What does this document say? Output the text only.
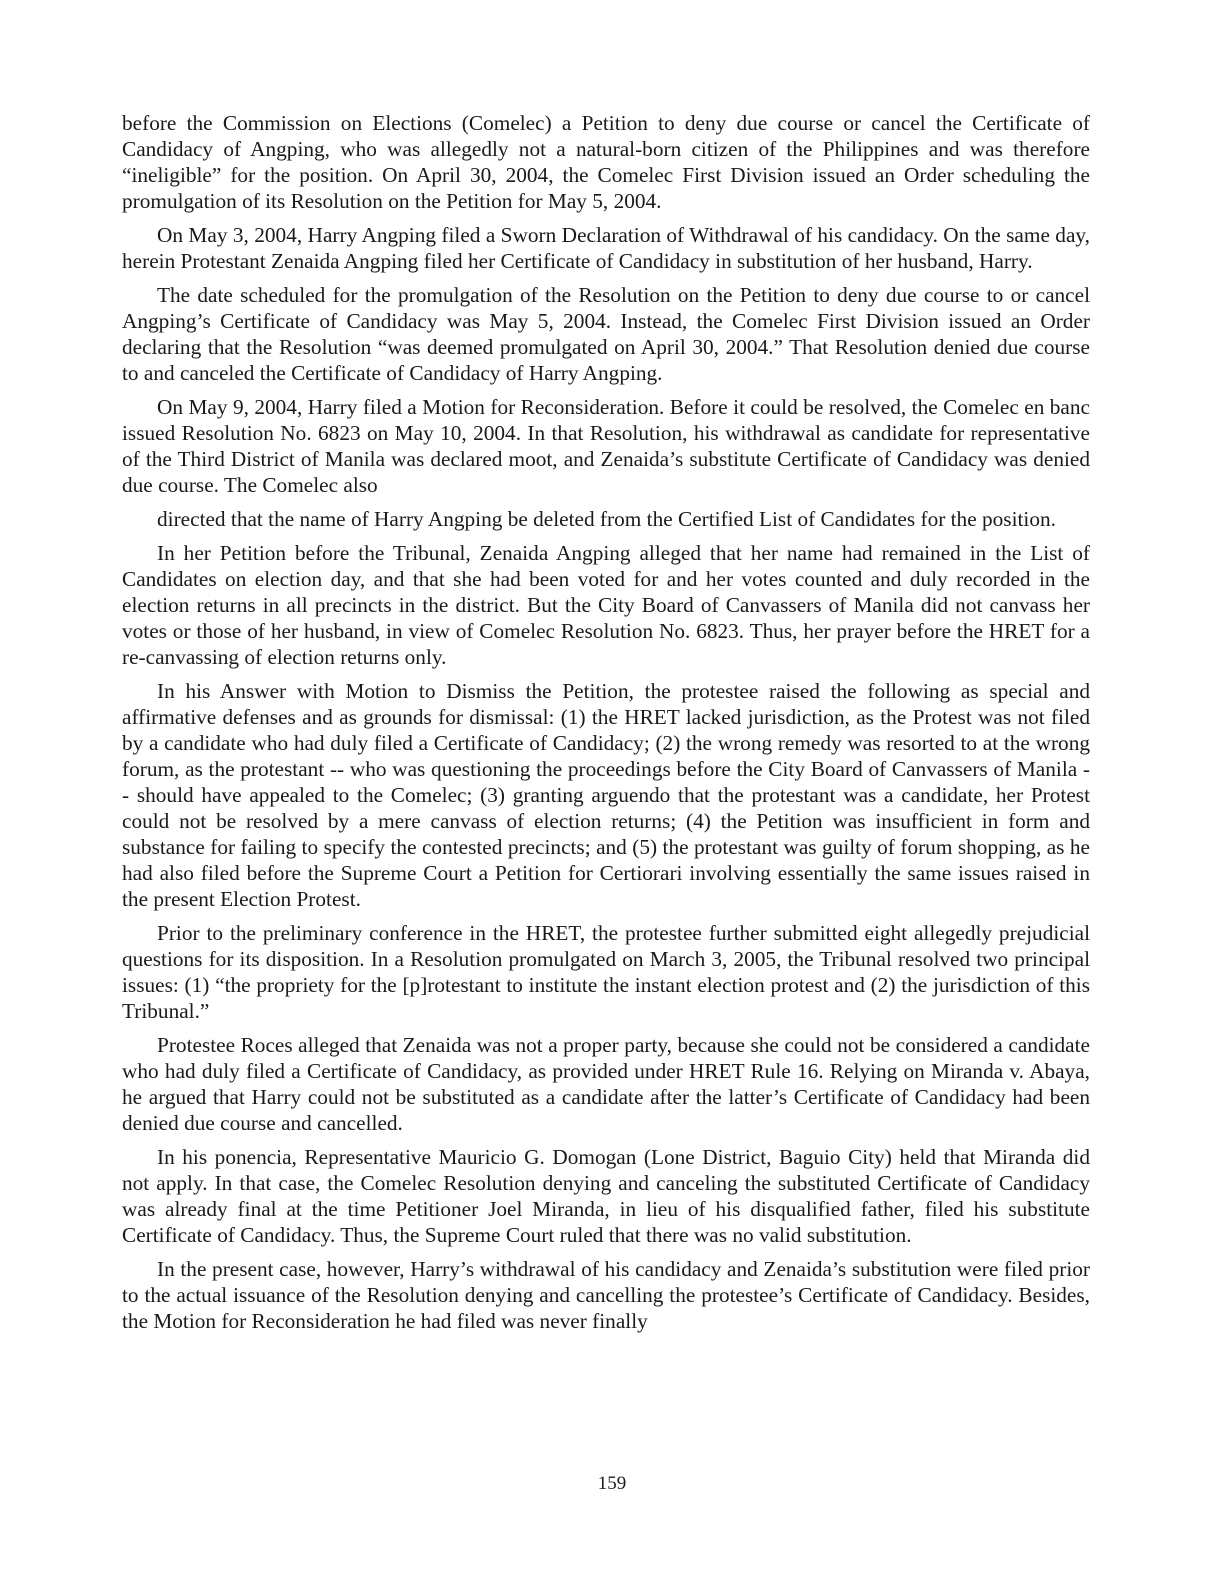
before the Commission on Elections (Comelec) a Petition to deny due course or cancel the Certificate of Candidacy of Angping, who was allegedly not a natural-born citizen of the Philippines and was therefore “ineligible” for the position. On April 30, 2004, the Comelec First Division issued an Order scheduling the promulgation of its Resolution on the Petition for May 5, 2004.

On May 3, 2004, Harry Angping filed a Sworn Declaration of Withdrawal of his candidacy. On the same day, herein Protestant Zenaida Angping filed her Certificate of Candidacy in substitution of her husband, Harry.

The date scheduled for the promulgation of the Resolution on the Petition to deny due course to or cancel Angping’s Certificate of Candidacy was May 5, 2004. Instead, the Comelec First Division issued an Order declaring that the Resolution “was deemed promulgated on April 30, 2004.” That Resolution denied due course to and canceled the Certificate of Candidacy of Harry Angping.

On May 9, 2004, Harry filed a Motion for Reconsideration. Before it could be resolved, the Comelec en banc issued Resolution No. 6823 on May 10, 2004. In that Resolution, his withdrawal as candidate for representative of the Third District of Manila was declared moot, and Zenaida’s substitute Certificate of Candidacy was denied due course. The Comelec also

directed that the name of Harry Angping be deleted from the Certified List of Candidates for the position.

In her Petition before the Tribunal, Zenaida Angping alleged that her name had remained in the List of Candidates on election day, and that she had been voted for and her votes counted and duly recorded in the election returns in all precincts in the district. But the City Board of Canvassers of Manila did not canvass her votes or those of her husband, in view of Comelec Resolution No. 6823. Thus, her prayer before the HRET for a re-canvassing of election returns only.

In his Answer with Motion to Dismiss the Petition, the protestee raised the following as special and affirmative defenses and as grounds for dismissal: (1) the HRET lacked jurisdiction, as the Protest was not filed by a candidate who had duly filed a Certificate of Candidacy; (2) the wrong remedy was resorted to at the wrong forum, as the protestant -- who was questioning the proceedings before the City Board of Canvassers of Manila -- should have appealed to the Comelec; (3) granting arguendo that the protestant was a candidate, her Protest could not be resolved by a mere canvass of election returns; (4) the Petition was insufficient in form and substance for failing to specify the contested precincts; and (5) the protestant was guilty of forum shopping, as he had also filed before the Supreme Court a Petition for Certiorari involving essentially the same issues raised in the present Election Protest.

Prior to the preliminary conference in the HRET, the protestee further submitted eight allegedly prejudicial questions for its disposition. In a Resolution promulgated on March 3, 2005, the Tribunal resolved two principal issues: (1) “the propriety for the [p]rotestant to institute the instant election protest and (2) the jurisdiction of this Tribunal.”

Protestee Roces alleged that Zenaida was not a proper party, because she could not be considered a candidate who had duly filed a Certificate of Candidacy, as provided under HRET Rule 16. Relying on Miranda v. Abaya, he argued that Harry could not be substituted as a candidate after the latter’s Certificate of Candidacy had been denied due course and cancelled.

In his ponencia, Representative Mauricio G. Domogan (Lone District, Baguio City) held that Miranda did not apply. In that case, the Comelec Resolution denying and canceling the substituted Certificate of Candidacy was already final at the time Petitioner Joel Miranda, in lieu of his disqualified father, filed his substitute Certificate of Candidacy. Thus, the Supreme Court ruled that there was no valid substitution.

In the present case, however, Harry’s withdrawal of his candidacy and Zenaida’s substitution were filed prior to the actual issuance of the Resolution denying and cancelling the protestee’s Certificate of Candidacy. Besides, the Motion for Reconsideration he had filed was never finally

159
